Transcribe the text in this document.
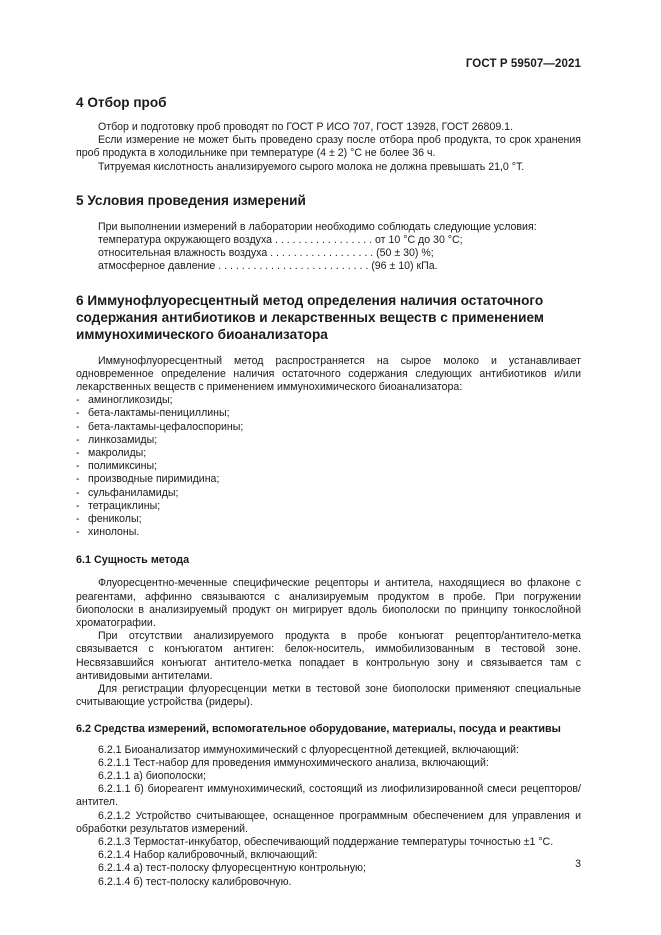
ГОСТ Р 59507—2021
4 Отбор проб

Отбор и подготовку проб проводят по ГОСТ Р ИСО 707, ГОСТ 13928, ГОСТ 26809.1.

Если измерение не может быть проведено сразу после отбора проб продукта, то срок хранения проб продукта в холодильнике при температуре (4 ± 2) °С не более 36 ч.

Титруемая кислотность анализируемого сырого молока не должна превышать 21,0 °Т.

5 Условия проведения измерений

При выполнении измерений в лаборатории необходимо соблюдать следующие условия:

температура окружающего воздуха . . . . . . . . . . . . . . . . . от 10 °С до 30 °С;

относительная влажность воздуха . . . . . . . . . . . . . . . . . . (50 ± 30) %;

атмосферное давление . . . . . . . . . . . . . . . . . . . . . . . . . . (96 ± 10) кПа.

6 Иммунофлуоресцентный метод определения наличия остаточного содержания антибиотиков и лекарственных веществ с применением иммунохимического биоанализатора

Иммунофлуоресцентный метод распространяется на сырое молоко и устанавливает одновременное определение наличия остаточного содержания следующих антибиотиков и/или лекарственных веществ с применением иммунохимического биоанализатора:

- аминогликозиды;
- бета-лактамы-пенициллины;
- бета-лактамы-цефалоспорины;
- линкозамиды;
- макролиды;
- полимиксины;
- производные пиримидина;
- сульфаниламиды;
- тетрациклины;
- фениколы;
- хинолоны.
6.1 Сущность метода

Флуоресцентно-меченные специфические рецепторы и антитела, находящиеся во флаконе с реагентами, аффинно связываются с анализируемым продуктом в пробе. При погружении биополоски в анализируемый продукт он мигрирует вдоль биополоски по принципу тонкослойной хроматографии.

При отсутствии анализируемого продукта в пробе конъюгат рецептор/антитело-метка связывается с конъюгатом антиген: белок-носитель, иммобилизованным в тестовой зоне. Несвязавшийся конъюгат антитело-метка попадает в контрольную зону и связывается там с антивидовыми антителами.

Для регистрации флуоресценции метки в тестовой зоне биополоски применяют специальные считывающие устройства (ридеры).

6.2 Средства измерений, вспомогательное оборудование, материалы, посуда и реактивы

6.2.1 Биоанализатор иммунохимический с флуоресцентной детекцией, включающий:

6.2.1.1 Тест-набор для проведения иммунохимического анализа, включающий:

6.2.1.1 а) биополоски;

6.2.1.1 б) биореагент иммунохимический, состоящий из лиофилизированной смеси рецепторов/антител.

6.2.1.2 Устройство считывающее, оснащенное программным обеспечением для управления и обработки результатов измерений.

6.2.1.3 Термостат-инкубатор, обеспечивающий поддержание температуры точностью ±1 °С.

6.2.1.4 Набор калибровочный, включающий:

6.2.1.4 а) тест-полоску флуоресцентную контрольную;

6.2.1.4 б) тест-полоску калибровочную.

3
